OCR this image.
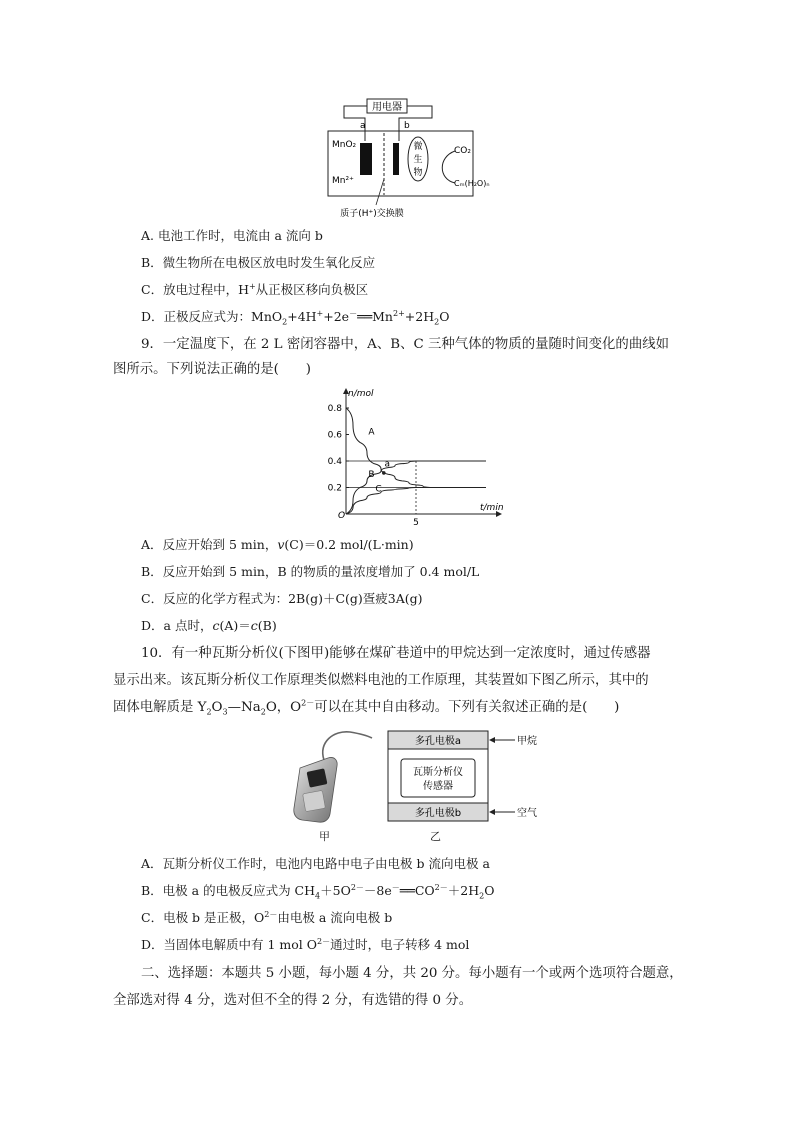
用电器
a	b
MnO₂
Mn²⁺
微
生
物
CO₂
Cₘ(H₂O)ₙ
质子(H⁺)交换膜
A. 电池工作时，电流由 a 流向 b
B．微生物所在电极区放电时发生氧化反应
C．放电过程中，H+从正极区移向负极区
D．正极反应式为：$MnO_2+4H^++2e^-══Mn^{2+}+2H_2O$
9．一定温度下，在 2 L 密闭容器中，A、B、C 三种气体的物质的量随时间变化的曲线如
图所示。下列说法正确的是(　　)
n/mol
t/min
O
0.2
0.4
0.6
0.8
5
A
B
C
a
A．反应开始到 5 min，v(C)＝0.2 mol/(L·min)
B．反应开始到 5 min，B 的物质的量浓度增加了 0.4 mol/L
C．反应的化学方程式为：2B(g)＋C(g)疍疲3A(g)
D．a 点时，c(A)＝c(B)
10．有一种瓦斯分析仪(下图甲)能够在煤矿巷道中的甲烷达到一定浓度时，通过传感器
显示出来。该瓦斯分析仪工作原理类似燃料电池的工作原理，其装置如下图乙所示，其中的
固体电解质是 $Y_2O_3—Na_2O$，$O^{2-}$可以在其中自由移动。下列有关叙述正确的是(　　)
多孔电极a
瓦斯分析仪
传感器
多孔电极b
甲烷
空气
甲	乙
A．瓦斯分析仪工作时，电池内电路中电子由电极 b 流向电极 a
B．电极 a 的电极反应式为 $CH_4+5O^{2-}-8e^-══CO^{2-}+2H_2O$
C．电极 b 是正极，$O^{2-}$由电极 a 流向电极 b
D．当固体电解质中有 1 mol $O^{2-}$通过时，电子转移 4 mol
二、选择题：本题共 5 小题，每小题 4 分，共 20 分。每小题有一个或两个选项符合题意，
全部选对得 4 分，选对但不全的得 2 分，有选错的得 0 分。
